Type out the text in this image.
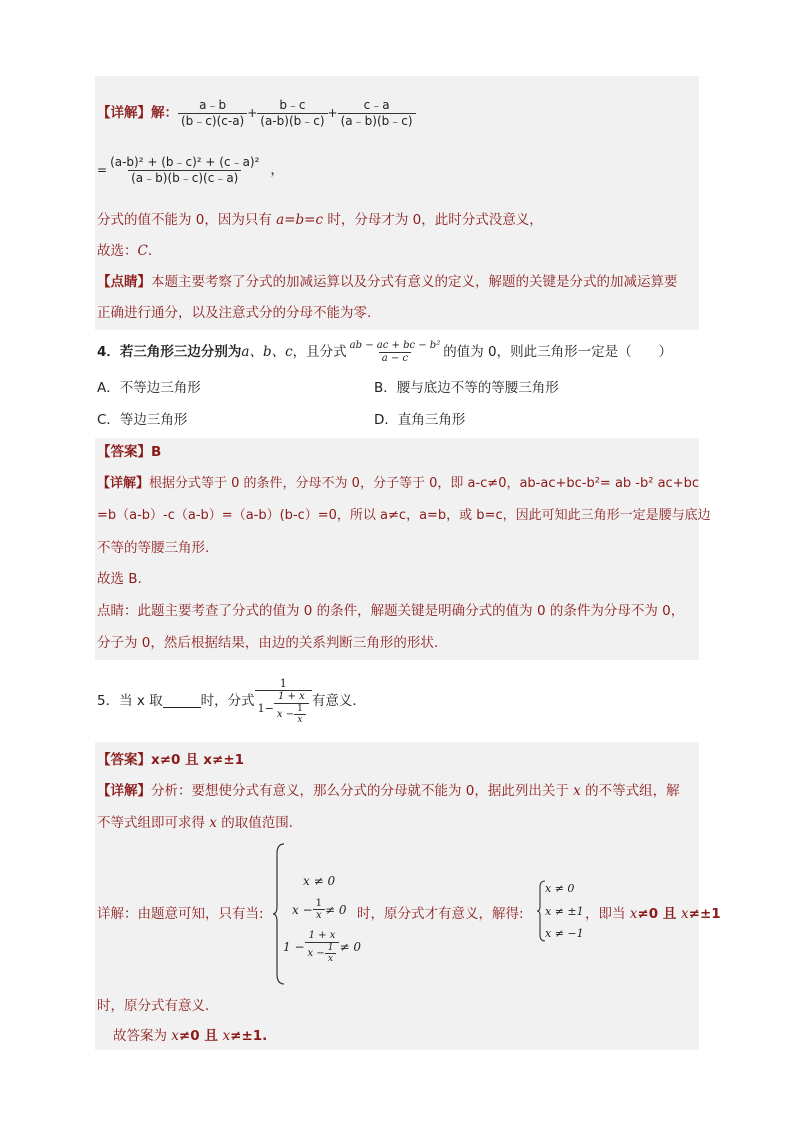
【详解】 解： $\frac{a﹣b}{(b﹣c)(c-a)} + \frac{b﹣c}{(a-b)(b﹣c)} + \frac{c﹣a}{(a﹣b)(b﹣c)}$
= $\frac{\text{(a-b)² + (b﹣c)² + (c﹣a)²}}{(a﹣b)(b﹣c)(c﹣a)}$ ，
分式的值不能为 0，因为只有 a=b=c 时，分母才为 0，此时分式没意义，
故选：C.
【点睛】本题主要考察了分式的加减运算以及分式有意义的定义，解题的关键是分式的加减运算要
正确进行通分，以及注意式分的分母不能为零.
4．若三角形三边分别为 a、b、c ，且分式 $\frac{\text{ab − ac + bc − b²}}{a - c}$ 的值为 0，则此三角形一定是（　　）
A．不等边三角形	B．腰与底边不等的等腰三角形
C．等边三角形	D．直角三角形
【答案】B
【详解】根据分式等于 0 的条件，分母不为 0，分子等于 0，即 a-c≠0，ab-ac+bc-b²= ab -b² ac+bc
=b（a-b）-c（a-b）=（a-b）(b-c）=0，所以 a≠c，a=b，或 b=c，因此可知此三角形一定是腰与底边
不等的等腰三角形.
故选 B.
点睛：此题主要考查了分式的值为 0 的条件，解题关键是明确分式的值为 0 的条件为分母不为 0，
分子为 0，然后根据结果，由边的关系判断三角形的形状.
5．当 x 取	时，分式
1
$1- \frac{1 + x}{x - \frac{1}{x}}$ 有意义．
【答案】x≠0 且 x≠±1
【详解】分析：要想使分式有意义，那么分式的分母就不能为 0，据此列出关于 x 的不等式组，解
不等式组即可求得 x 的取值范围．
详解：由题意可知，只有当:
x ≠ 0
$x - \frac{1}{x} \ne 0$
$1 - \frac{1 + x}{x - \frac{1}{x}} \ne 0$
时，原分式才有意义，解得:
x ≠ 0
x ≠ ±1
x ≠ −1
，即当 x≠0 且 x≠±1
时，原分式有意义．
故答案为 x≠0 且 x≠±1.
